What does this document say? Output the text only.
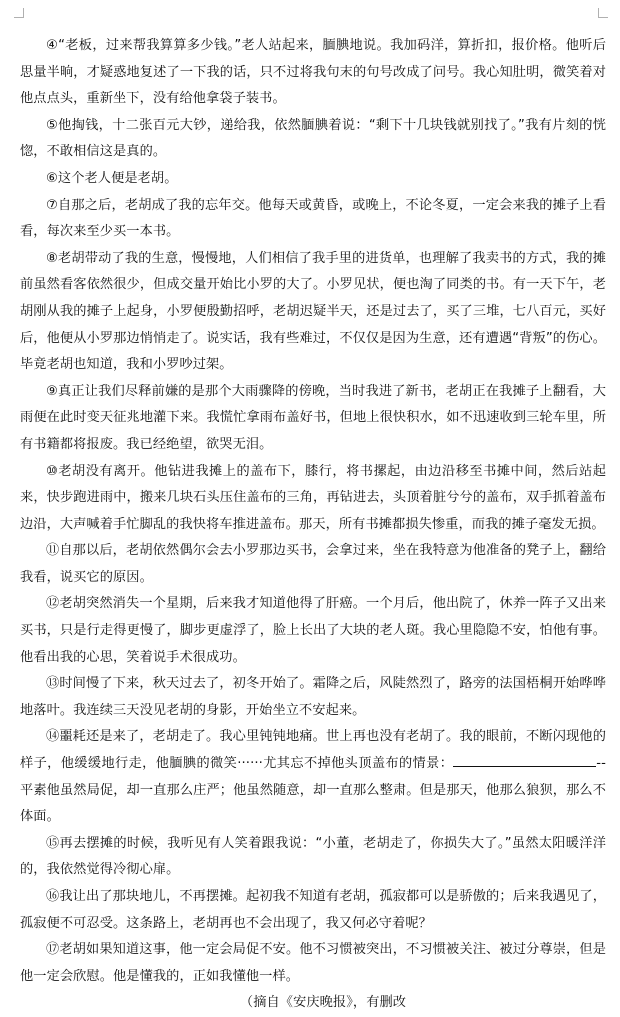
④“老板，过来帮我算算多少钱。”老人站起来，腼腆地说。我加码洋，算折扣，报价格。他听后思量半晌，才疑惑地复述了一下我的话，只不过将我句末的句号改成了问号。我心知肚明，微笑着对他点点头，重新坐下，没有给他拿袋子装书。

⑤他掏钱，十二张百元大钞，递给我，依然腼腆着说：“剩下十几块钱就别找了。”我有片刻的恍惚，不敢相信这是真的。

⑥这个老人便是老胡。

⑦自那之后，老胡成了我的忘年交。他每天或黄昏，或晚上，不论冬夏，一定会来我的摊子上看看，每次来至少买一本书。

⑧老胡带动了我的生意，慢慢地，人们相信了我手里的进货单，也理解了我卖书的方式，我的摊前虽然看客依然很少，但成交量开始比小罗的大了。小罗见状，便也淘了同类的书。有一天下午，老胡刚从我的摊子上起身，小罗便殷勤招呼，老胡迟疑半天，还是过去了，买了三堆，七八百元，买好后，他便从小罗那边悄悄走了。说实话，我有些难过，不仅仅是因为生意，还有遭遇“背叛”的伤心。毕竟老胡也知道，我和小罗吵过架。

⑨真正让我们尽释前嫌的是那个大雨骤降的傍晚，当时我进了新书，老胡正在我摊子上翻看，大雨便在此时变天征兆地灌下来。我慌忙拿雨布盖好书，但地上很快积水，如不迅速收到三轮车里，所有书籍都将报废。我已经绝望，欲哭无泪。

⑩老胡没有离开。他钻进我摊上的盖布下，膝行，将书摞起，由边沿移至书摊中间，然后站起来，快步跑进雨中，搬来几块石头压住盖布的三角，再钻进去，头顶着脏兮兮的盖布，双手抓着盖布边沿，大声喊着手忙脚乱的我快将车推进盖布。那天，所有书摊都损失惨重，而我的摊子毫发无损。

⑪自那以后，老胡依然偶尔会去小罗那边买书，会拿过来，坐在我特意为他准备的凳子上，翻给我看，说买它的原因。

⑫老胡突然消失一个星期，后来我才知道他得了肝癌。一个月后，他出院了，休养一阵子又出来买书，只是行走得更慢了，脚步更虚浮了，脸上长出了大块的老人斑。我心里隐隐不安，怕他有事。他看出我的心思，笑着说手术很成功。

⑬时间慢了下来，秋天过去了，初冬开始了。霜降之后，风陡然烈了，路旁的法国梧桐开始哗哗地落叶。我连续三天没见老胡的身影，开始坐立不安起来。

⑭噩耗还是来了，老胡走了。我心里钝钝地痛。世上再也没有老胡了。我的眼前，不断闪现他的样子，他缓缓地行走，他腼腆的微笑······尤其忘不掉他头顶盖布的情景：	--平素他虽然局促，却一直那么庄严；他虽然随意，却一直那么整肃。但是那天，他那么狼狈，那么不体面。

⑮再去摆摊的时候，我听见有人笑着跟我说：“小董，老胡走了，你损失大了。”虽然太阳暖洋洋的，我依然觉得冷彻心扉。

⑯我让出了那块地儿，不再摆摊。起初我不知道有老胡，孤寂都可以是骄傲的；后来我遇见了，孤寂便不可忍受。这条路上，老胡再也不会出现了，我又何必守着呢？

⑰老胡如果知道这事，他一定会局促不安。他不习惯被突出，不习惯被关注、被过分尊崇，但是他一定会欣慰。他是懂我的，正如我懂他一样。

（摘自《安庆晚报》，有删改
